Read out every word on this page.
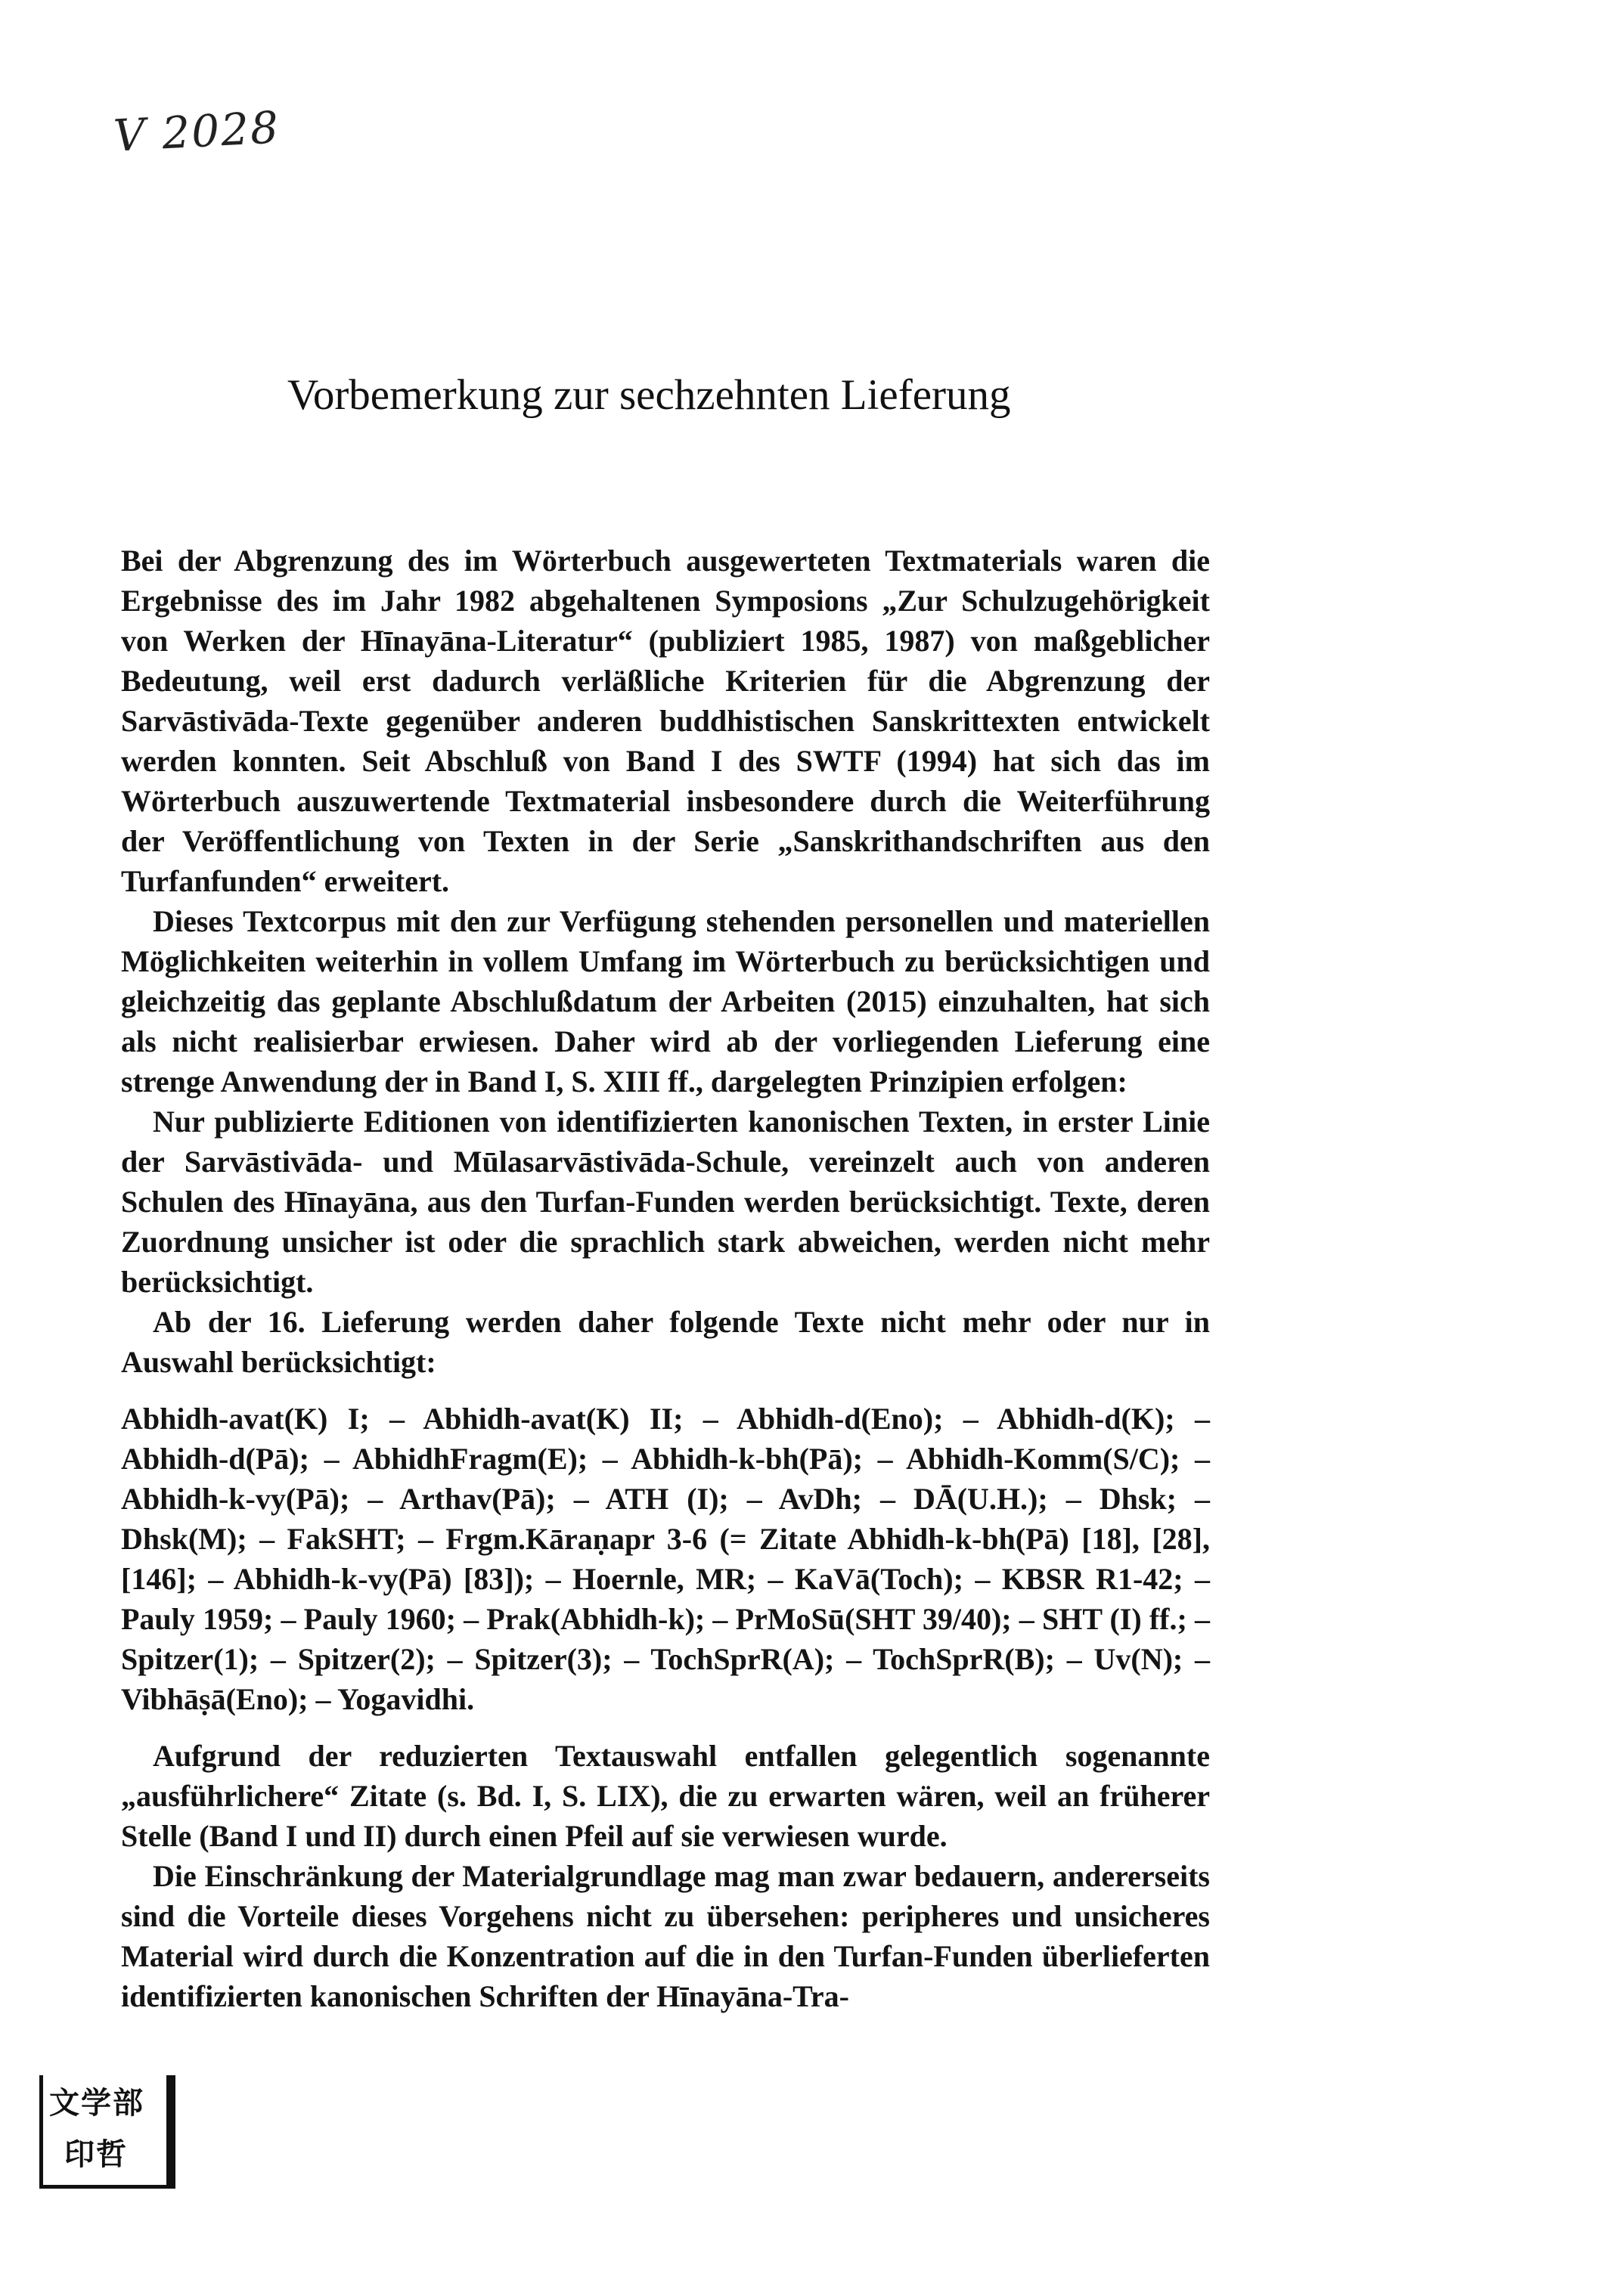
V 2028
Vorbemerkung zur sechzehnten Lieferung

Bei der Abgrenzung des im Wörterbuch ausgewerteten Textmaterials waren die Ergebnisse des im Jahr 1982 abgehaltenen Symposions „Zur Schulzugehörigkeit von Werken der Hīnayāna-Literatur“ (publiziert 1985, 1987) von maßgeblicher Bedeutung, weil erst dadurch verläßliche Kriterien für die Abgrenzung der Sarvāstivāda-Texte gegenüber anderen buddhistischen Sanskrittexten entwickelt werden konnten. Seit Abschluß von Band I des SWTF (1994) hat sich das im Wörterbuch auszuwertende Textmaterial insbesondere durch die Weiterführung der Veröffentlichung von Texten in der Serie „Sanskrithandschriften aus den Turfanfunden“ erweitert.

Dieses Textcorpus mit den zur Verfügung stehenden personellen und materiellen Möglichkeiten weiterhin in vollem Umfang im Wörterbuch zu berücksichtigen und gleichzeitig das geplante Abschlußdatum der Arbeiten (2015) einzuhalten, hat sich als nicht realisierbar erwiesen. Daher wird ab der vorliegenden Lieferung eine strenge Anwendung der in Band I, S. XIII ff., dargelegten Prinzipien erfolgen:

Nur publizierte Editionen von identifizierten kanonischen Texten, in erster Linie der Sarvāstivāda- und Mūlasarvāstivāda-Schule, vereinzelt auch von anderen Schulen des Hīnayāna, aus den Turfan-Funden werden berücksichtigt. Texte, deren Zuordnung unsicher ist oder die sprachlich stark abweichen, werden nicht mehr berücksichtigt.

Ab der 16. Lieferung werden daher folgende Texte nicht mehr oder nur in Auswahl berücksichtigt:

Abhidh-avat(K) I; – Abhidh-avat(K) II; – Abhidh-d(Eno); – Abhidh-d(K); – Abhidh-d(Pā); – AbhidhFragm(E); – Abhidh-k-bh(Pā); – Abhidh-Komm(S/C); – Abhidh-k-vy(Pā); – Arthav(Pā); – ATH (I); – AvDh; – DĀ(U.H.); – Dhsk; – Dhsk(M); – FakSHT; – Frgm.Kāraṇapr 3-6 (= Zitate Abhidh-k-bh(Pā) [18], [28], [146]; – Abhidh-k-vy(Pā) [83]); – Hoernle, MR; – KaVā(Toch); – KBSR R1-42; – Pauly 1959; – Pauly 1960; – Prak(Abhidh-k); – PrMoSū(SHT 39/40); – SHT (I) ff.; – Spitzer(1); – Spitzer(2); – Spitzer(3); – TochSprR(A); – TochSprR(B); – Uv(N); – Vibhāṣā(Eno); – Yogavidhi.

Aufgrund der reduzierten Textauswahl entfallen gelegentlich sogenannte „ausführlichere“ Zitate (s. Bd. I, S. LIX), die zu erwarten wären, weil an früherer Stelle (Band I und II) durch einen Pfeil auf sie verwiesen wurde.

Die Einschränkung der Materialgrundlage mag man zwar bedauern, andererseits sind die Vorteile dieses Vorgehens nicht zu übersehen: peripheres und unsicheres Material wird durch die Konzentration auf die in den Turfan-Funden überlieferten identifizierten kanonischen Schriften der Hīnayāna-Tra-

文学部
印哲
